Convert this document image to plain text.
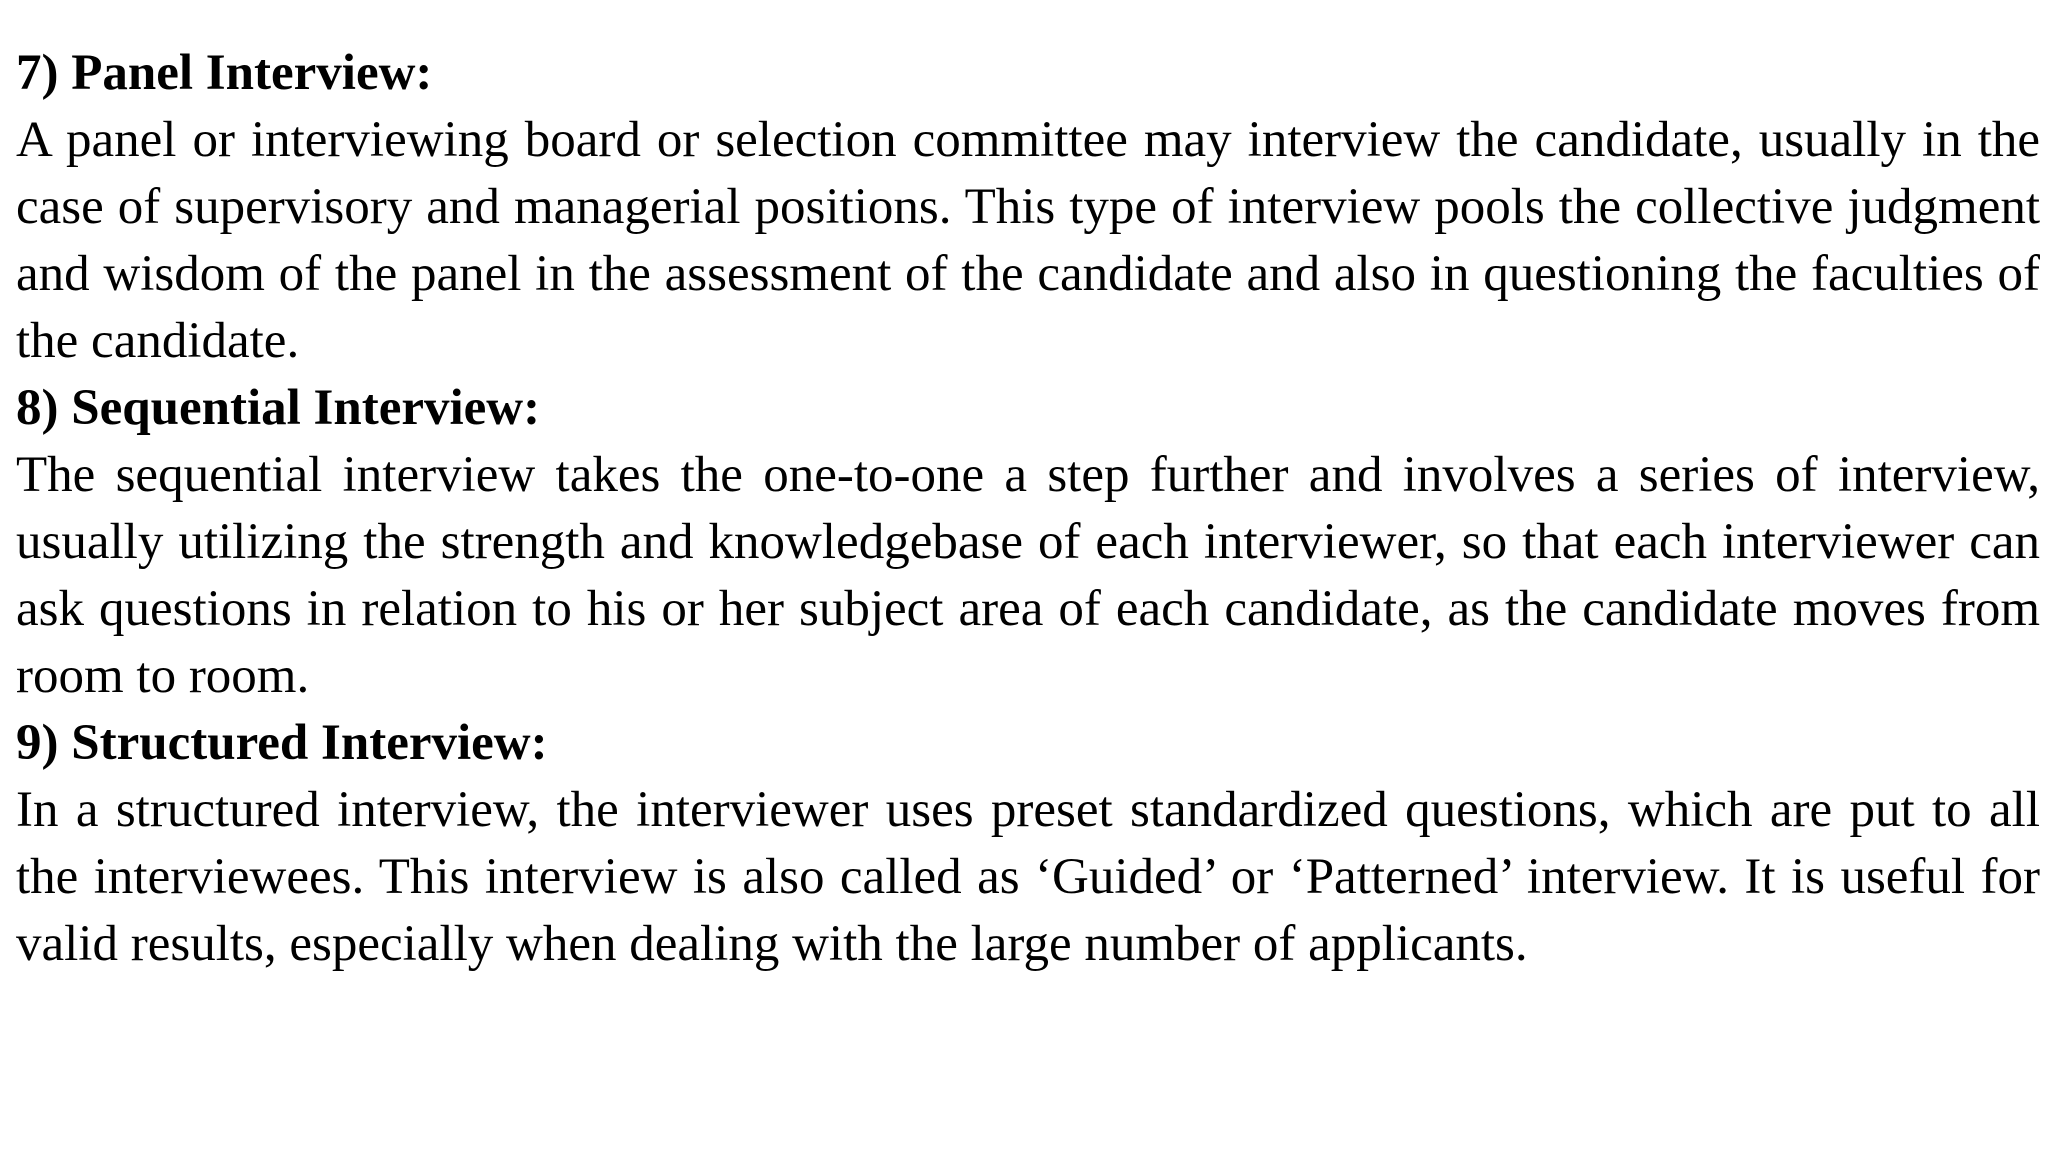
7) Panel Interview:

A panel or interviewing board or selection committee may interview the candidate, usually in the case of supervisory and managerial positions. This type of interview pools the collective judgment and wisdom of the panel in the assessment of the candidate and also in questioning the faculties of the candidate.

8) Sequential Interview:

The sequential interview takes the one-to-one a step further and involves a series of interview, usually utilizing the strength and knowledgebase of each interviewer, so that each interviewer can ask questions in relation to his or her subject area of each candidate, as the candidate moves from room to room.

9) Structured Interview:

In a structured interview, the interviewer uses preset standardized questions, which are put to all the interviewees. This interview is also called as ‘Guided’ or ‘Patterned’ interview. It is useful for valid results, especially when dealing with the large number of applicants.
